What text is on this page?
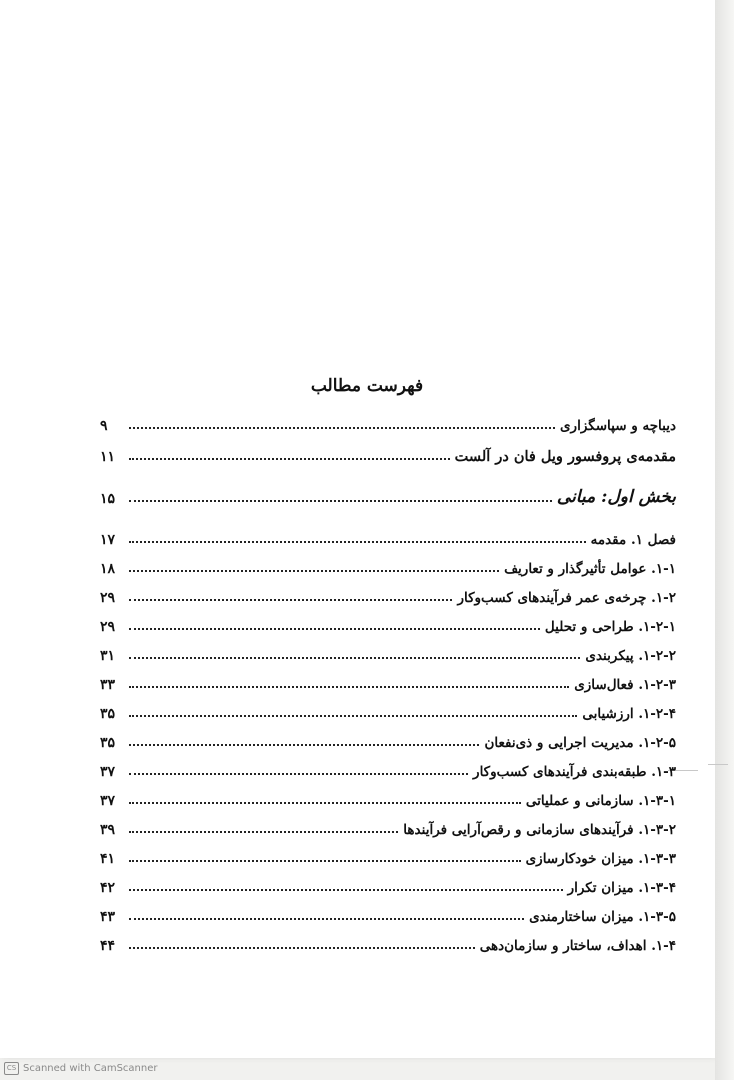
فهرست مطالب
دیباچه و سپاسگزاری
۹
مقدمه‌ی پروفسور ویل فان در آلست
۱۱
بخش اول: مبانی
۱۵
فصل ۱. مقدمه
۱۷
۱-۱. عوامل تأثیرگذار و تعاریف
۱۸
۱-۲. چرخه‌ی عمر فرآیندهای کسب‌وکار
۲۹
۱-۲-۱. طراحی و تحلیل
۲۹
۱-۲-۲. پیکربندی
۳۱
۱-۲-۳. فعال‌سازی
۳۳
۱-۲-۴. ارزشیابی
۳۵
۱-۲-۵. مدیریت اجرایی و ذی‌نفعان
۳۵
۱-۳. طبقه‌بندی فرآیندهای کسب‌وکار
۳۷
۱-۳-۱. سازمانی و عملیاتی
۳۷
۱-۳-۲. فرآیندهای سازمانی و رقص‌آرایی فرآیندها
۳۹
۱-۳-۳. میزان خودکارسازی
۴۱
۱-۳-۴. میزان تکرار
۴۲
۱-۳-۵. میزان ساختارمندی
۴۳
۱-۴. اهداف، ساختار و سازمان‌دهی
۴۴
CS Scanned with CamScanner
